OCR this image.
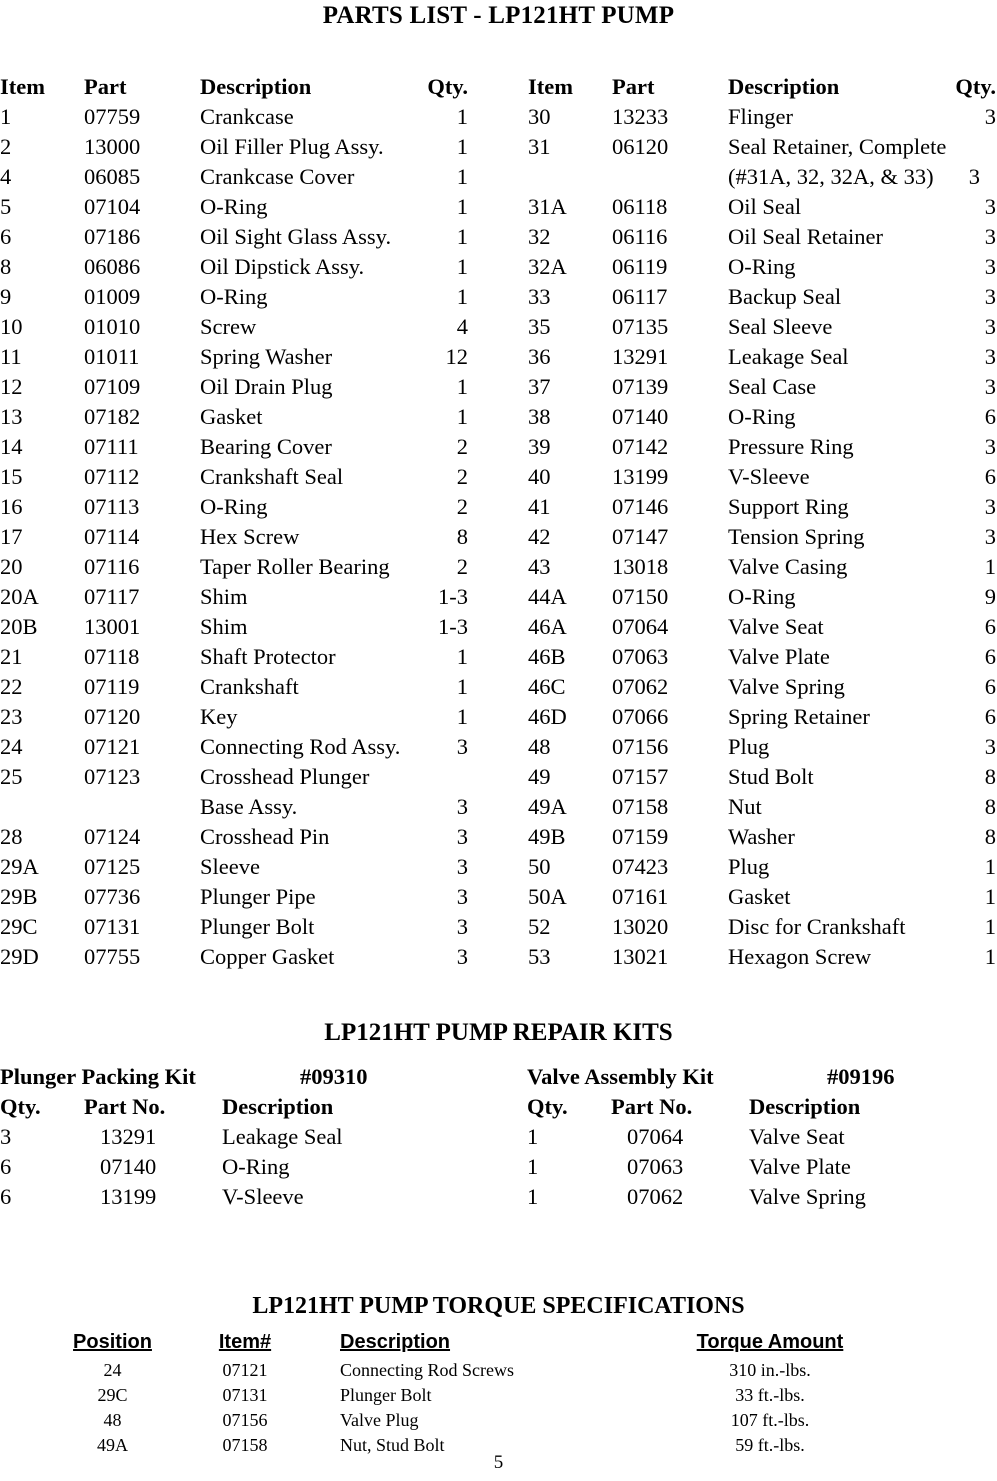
PARTS LIST - LP121HT PUMP
Item	Part	Description	Qty.
1	07759	Crankcase	1
2	13000	Oil Filler Plug Assy.	1
4	06085	Crankcase Cover	1
5	07104	O-Ring	1
6	07186	Oil Sight Glass Assy.	1
8	06086	Oil Dipstick Assy.	1
9	01009	O-Ring	1
10	01010	Screw	4
11	01011	Spring Washer	12
12	07109	Oil Drain Plug	1
13	07182	Gasket	1
14	07111	Bearing Cover	2
15	07112	Crankshaft Seal	2
16	07113	O-Ring	2
17	07114	Hex Screw	8
20	07116	Taper Roller Bearing	2
20A	07117	Shim	1-3
20B	13001	Shim	1-3
21	07118	Shaft Protector	1
22	07119	Crankshaft	1
23	07120	Key	1
24	07121	Connecting Rod Assy.	3
25	07123	Crosshead Plunger
Base Assy.	3
28	07124	Crosshead Pin	3
29A	07125	Sleeve	3
29B	07736	Plunger Pipe	3
29C	07131	Plunger Bolt	3
29D	07755	Copper Gasket	3
Item	Part	Description	Qty.
30	13233	Flinger	3
31	06120	Seal Retainer, Complete
(#31A, 32, 32A, & 33)	3
31A	06118	Oil Seal	3
32	06116	Oil Seal Retainer	3
32A	06119	O-Ring	3
33	06117	Backup Seal	3
35	07135	Seal Sleeve	3
36	13291	Leakage Seal	3
37	07139	Seal Case	3
38	07140	O-Ring	6
39	07142	Pressure Ring	3
40	13199	V-Sleeve	6
41	07146	Support Ring	3
42	07147	Tension Spring	3
43	13018	Valve Casing	1
44A	07150	O-Ring	9
46A	07064	Valve Seat	6
46B	07063	Valve Plate	6
46C	07062	Valve Spring	6
46D	07066	Spring Retainer	6
48	07156	Plug	3
49	07157	Stud Bolt	8
49A	07158	Nut	8
49B	07159	Washer	8
50	07423	Plug	1
50A	07161	Gasket	1
52	13020	Disc for Crankshaft	1
53	13021	Hexagon Screw	1
LP121HT PUMP REPAIR KITS
Plunger Packing Kit	#09310
Qty.	Part No.	Description
3	13291	Leakage Seal
6	07140	O-Ring
6	13199	V-Sleeve
Valve Assembly Kit	#09196
Qty.	Part No.	Description
1	07064	Valve Seat
1	07063	Valve Plate
1	07062	Valve Spring
LP121HT PUMP TORQUE SPECIFICATIONS
Position	Item#	Description	Torque Amount
24	07121	Connecting Rod Screws	310 in.-lbs.
29C	07131	Plunger Bolt	33 ft.-lbs.
48	07156	Valve Plug	107 ft.-lbs.
49A	07158	Nut, Stud Bolt	59 ft.-lbs.
5
